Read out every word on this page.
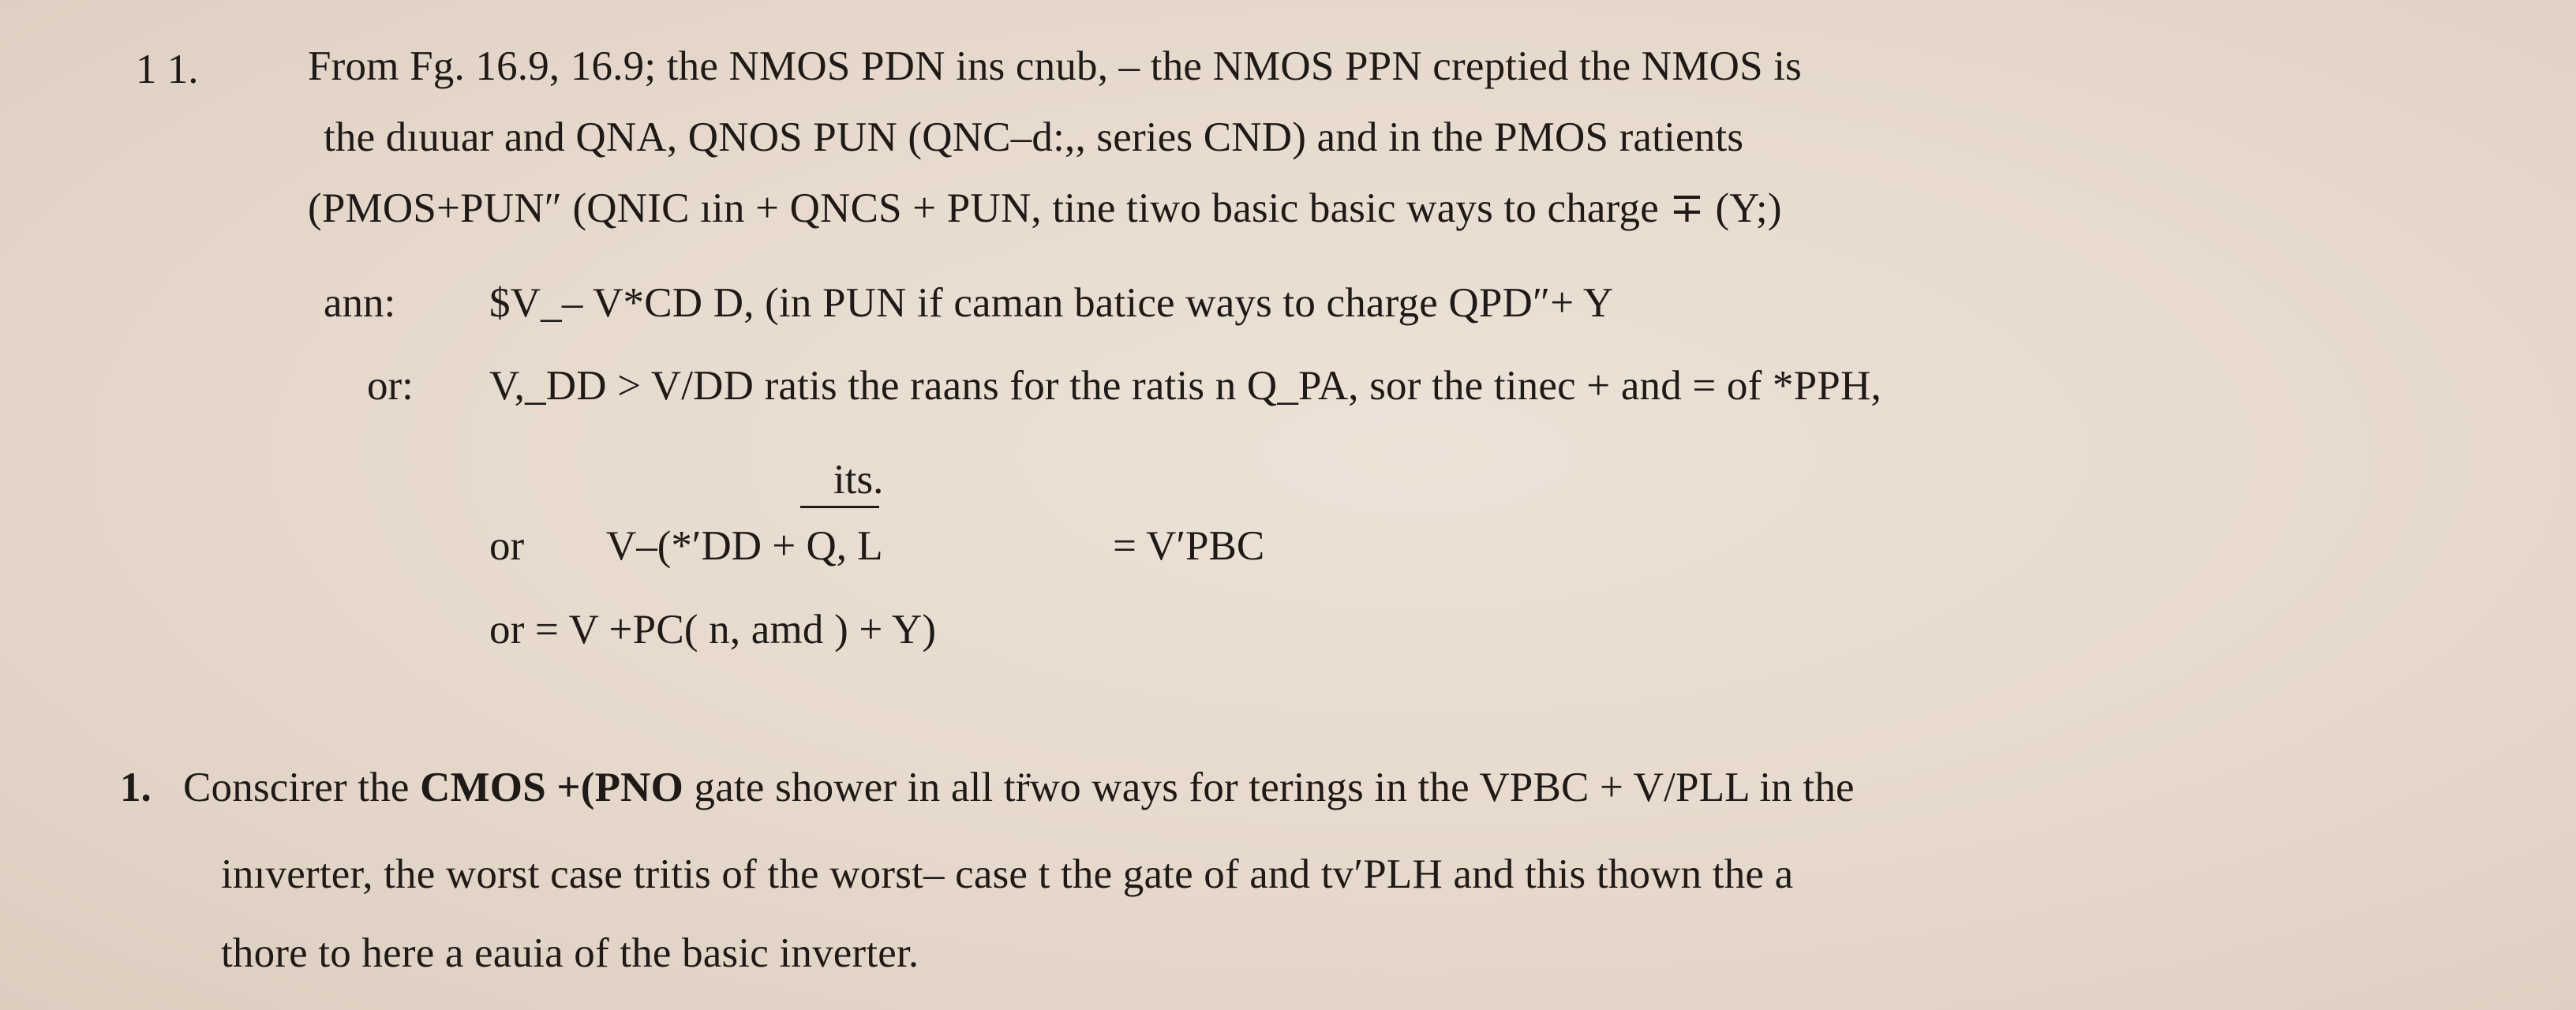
1 1.	From Fg. 16.9, 16.9; the NMOS PDN ins cnub, – the NMOS PPN creptied the NMOS is
the dıuuar and QNA, QNOS PUN (QNC–d:,, series CND) and in the PMOS ratients
(PMOS+PUN″ (QNIC ıin + QNCS + PUN, tine tiwo basic basic ways to charge ∓ (Y;)
ann: $V_– V*CD D, (in PUN if caman batice ways to charge QPD″+ Y
or: V,_DD > V/DD ratis the raans for the ratis n Q_PA, sor the tinec + and = of *PPH,
its.
or V–(*′DD + Q, L	= V′PBC
or = V +PC( n, amd ) + Y)
1. Conscirer the CMOS +(PNO gate shower in all tr̈wo ways for terings in the VPBC + V/PLL in the
inıverter, the worst case tritis of the worst– case t the gate of and tv′PLH and this thown the a
thore to here a eauia of the basic inverter.
